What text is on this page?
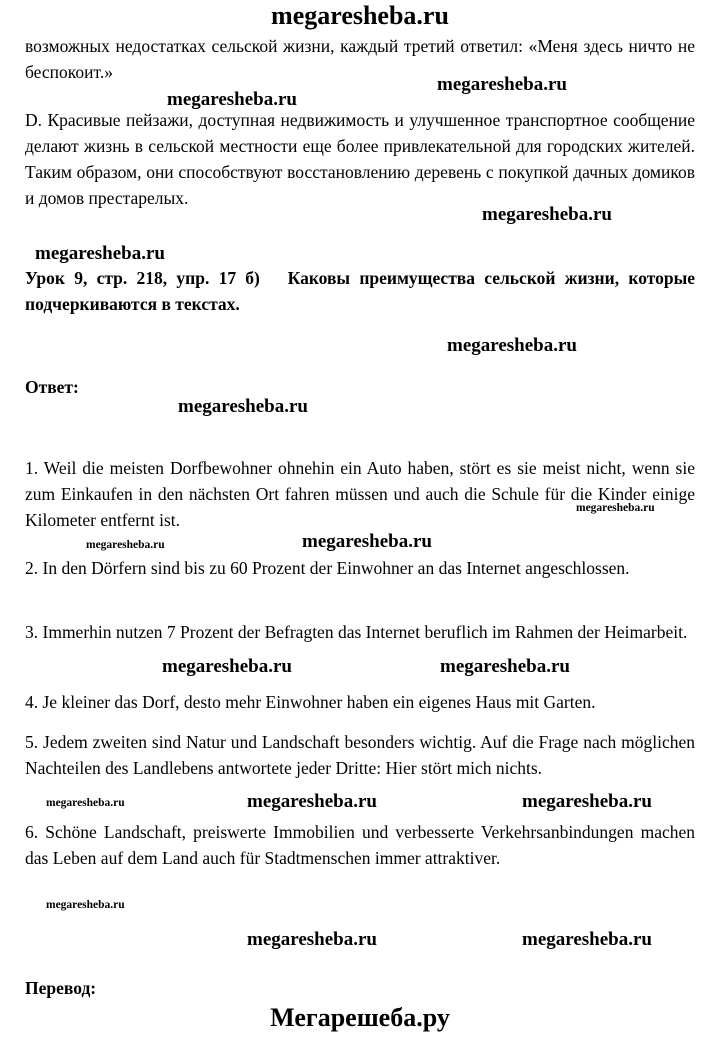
megaresheba.ru
возможных недостатках сельской жизни, каждый третий ответил: «Меня здесь ничто не беспокоит.»
megaresheba.ru
megaresheba.ru
D. Красивые пейзажи, доступная недвижимость и улучшенное транспортное сообщение делают жизнь в сельской местности еще более привлекательной для городских жителей. Таким образом, они способствуют восстановлению деревень с покупкой дачных домиков и домов престарелых.
megaresheba.ru
megaresheba.ru
Урок 9, стр. 218, упр. 17 б)   Каковы преимущества сельской жизни, которые подчеркиваются в текстах.
megaresheba.ru
Ответ:
megaresheba.ru
1. Weil die meisten Dorfbewohner ohnehin ein Auto haben, stört es sie meist nicht, wenn sie zum Einkaufen in den nächsten Ort fahren müssen und auch die Schule für die Kinder einige Kilometer entfernt ist.
megaresheba.ru
megaresheba.ru	megaresheba.ru
2. In den Dörfern sind bis zu 60 Prozent der Einwohner an das Internet angeschlossen.
3. Immerhin nutzen 7 Prozent der Befragten das Internet beruflich im Rahmen der Heimarbeit.
megaresheba.ru	megaresheba.ru
4. Je kleiner das Dorf, desto mehr Einwohner haben ein eigenes Haus mit Garten.
5. Jedem zweiten sind Natur und Landschaft besonders wichtig. Auf die Frage nach möglichen Nachteilen des Landlebens antwortete jeder Dritte: Hier stört mich nichts.
megaresheba.ru	megaresheba.ru	megaresheba.ru
6. Schöne Landschaft, preiswerte Immobilien und verbesserte Verkehrsanbindungen machen das Leben auf dem Land auch für Stadtmenschen immer attraktiver.
megaresheba.ru
megaresheba.ru	megaresheba.ru
Перевод:
Мегарешеба.ру
